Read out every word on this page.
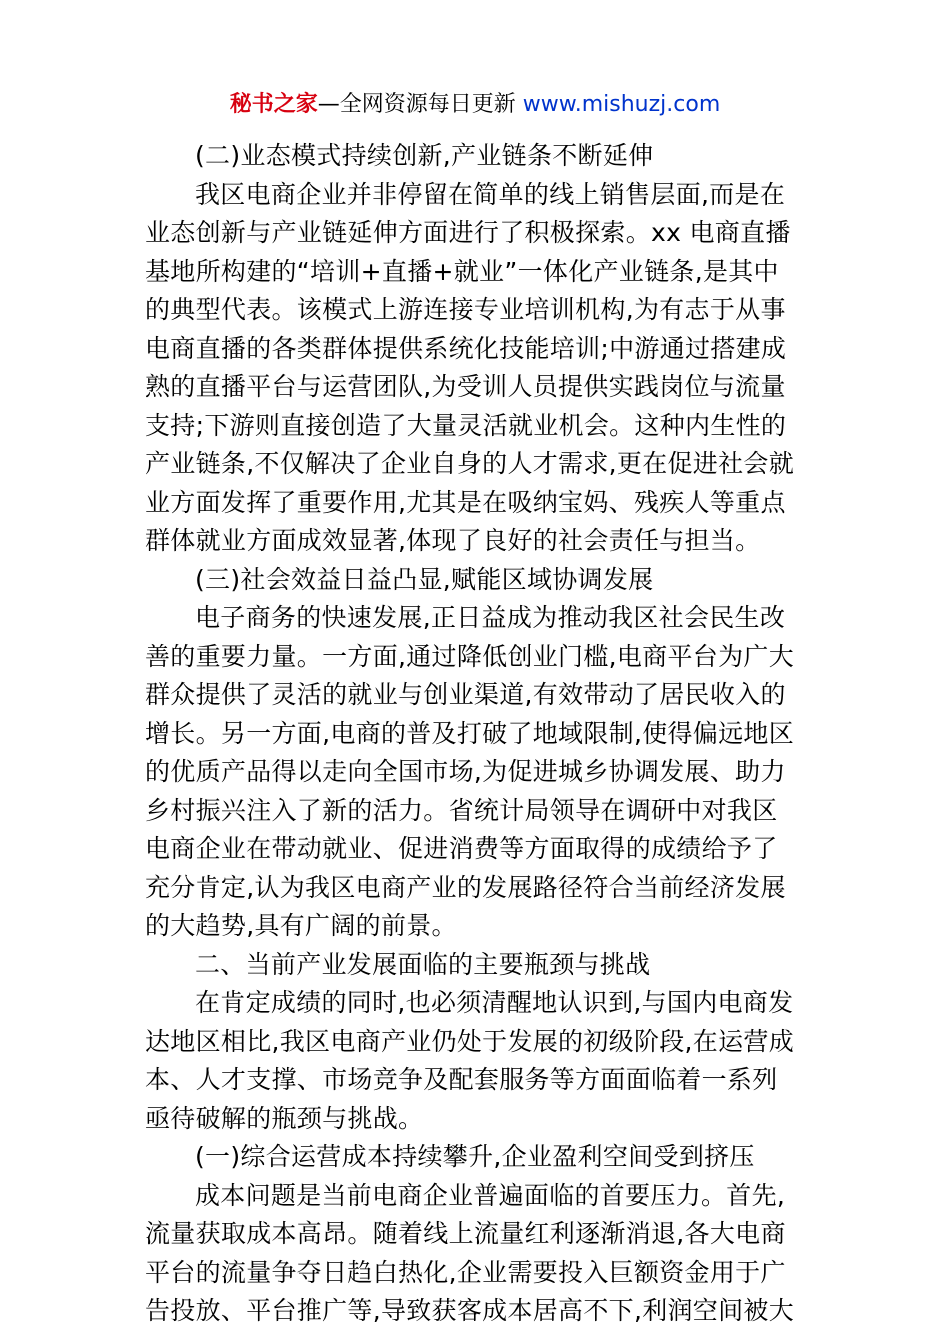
秘书之家—全网资源每日更新 www.mishuzj.com
(二)业态模式持续创新,产业链条不断延伸
我区电商企业并非停留在简单的线上销售层面,而是在
业态创新与产业链延伸方面进行了积极探索。xx 电商直播
基地所构建的“培训+直播+就业”一体化产业链条,是其中
的典型代表。该模式上游连接专业培训机构,为有志于从事
电商直播的各类群体提供系统化技能培训;中游通过搭建成
熟的直播平台与运营团队,为受训人员提供实践岗位与流量
支持;下游则直接创造了大量灵活就业机会。这种内生性的
产业链条,不仅解决了企业自身的人才需求,更在促进社会就
业方面发挥了重要作用,尤其是在吸纳宝妈、残疾人等重点
群体就业方面成效显著,体现了良好的社会责任与担当。
(三)社会效益日益凸显,赋能区域协调发展
电子商务的快速发展,正日益成为推动我区社会民生改
善的重要力量。一方面,通过降低创业门槛,电商平台为广大
群众提供了灵活的就业与创业渠道,有效带动了居民收入的
增长。另一方面,电商的普及打破了地域限制,使得偏远地区
的优质产品得以走向全国市场,为促进城乡协调发展、助力
乡村振兴注入了新的活力。省统计局领导在调研中对我区
电商企业在带动就业、促进消费等方面取得的成绩给予了
充分肯定,认为我区电商产业的发展路径符合当前经济发展
的大趋势,具有广阔的前景。
二、当前产业发展面临的主要瓶颈与挑战
在肯定成绩的同时,也必须清醒地认识到,与国内电商发
达地区相比,我区电商产业仍处于发展的初级阶段,在运营成
本、人才支撑、市场竞争及配套服务等方面面临着一系列
亟待破解的瓶颈与挑战。
(一)综合运营成本持续攀升,企业盈利空间受到挤压
成本问题是当前电商企业普遍面临的首要压力。首先,
流量获取成本高昂。随着线上流量红利逐渐消退,各大电商
平台的流量争夺日趋白热化,企业需要投入巨额资金用于广
告投放、平台推广等,导致获客成本居高不下,利润空间被大
